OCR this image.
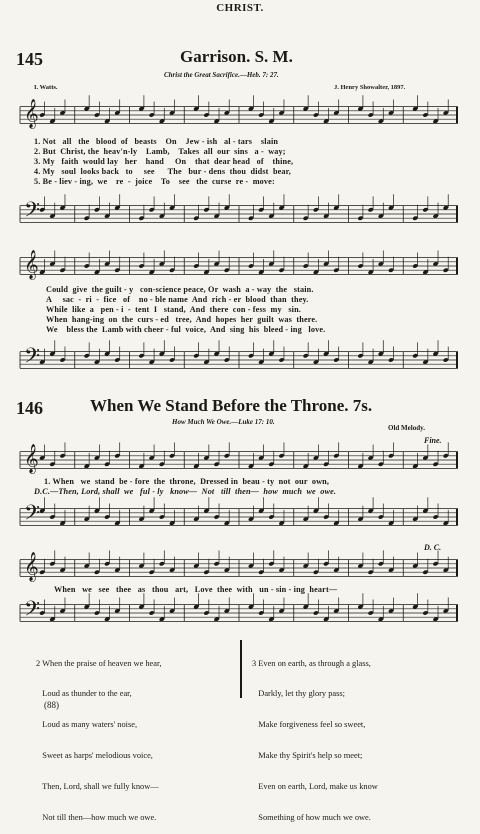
CHRIST.
145	Garrison. S. M.
Christ the Great Sacrifice.—Heb. 7: 27.
I. Watts.	J. Henry Showalter, 1897.
𝄞
1. Not   all   the   blood  of   beasts    On    Jew - ish   al - tars    slain
2. But  Christ, the  heav'n-ly    Lamb,    Takes  all  our  sins   a -  way;
3. My   faith  would lay   her    hand     On    that  dear head   of    thine,
4. My   soul  looks back   to     see      The   bur - dens  thou  didst  bear,
5. Be - liev - ing,  we    re  -  joice    To    see   the  curse  re -  move:
𝄢
𝄞
Could  give  the guilt - y   con-science peace, Or  wash  a - way  the   stain.
A     sac  -  ri  -  fice   of    no - ble name  And  rich - er  blood  than  they.
While  like  a   pen - i  -  tent  I   stand,  And  there  con - fess  my   sin.
When  hang-ing  on  the  curs - ed   tree,  And  hopes  her  guilt  was  there.
We    bless the  Lamb with cheer - ful  voice,  And  sing  his  bleed - ing   love.
𝄢
146	When We Stand Before the Throne. 7s.
How Much We Owe.—Luke 17: 10.
Old Melody.
Fine.
𝄞
1. When   we  stand  be - fore  the  throne,  Dressed in  beau - ty  not  our  own,
D.C.—Then, Lord, shall  we   ful - ly   know—  Not   till  then—  how  much  we  owe.
𝄢
D. C.
𝄞
When   we   see   thee   as   thou   art,   Love  thee  with   un - sin - ing  heart—
𝄢

2 When the praise of heaven we hear,

Loud as thunder to the ear,

Loud as many waters' noise,

Sweet as harps' melodious voice,

Then, Lord, shall we fully know—

Not till then—how much we owe.

3 Even on earth, as through a glass,

Darkly, let thy glory pass;

Make forgiveness feel so sweet,

Make thy Spirit's help so meet;

Even on earth, Lord, make us know

Something of how much we owe.

(88)
